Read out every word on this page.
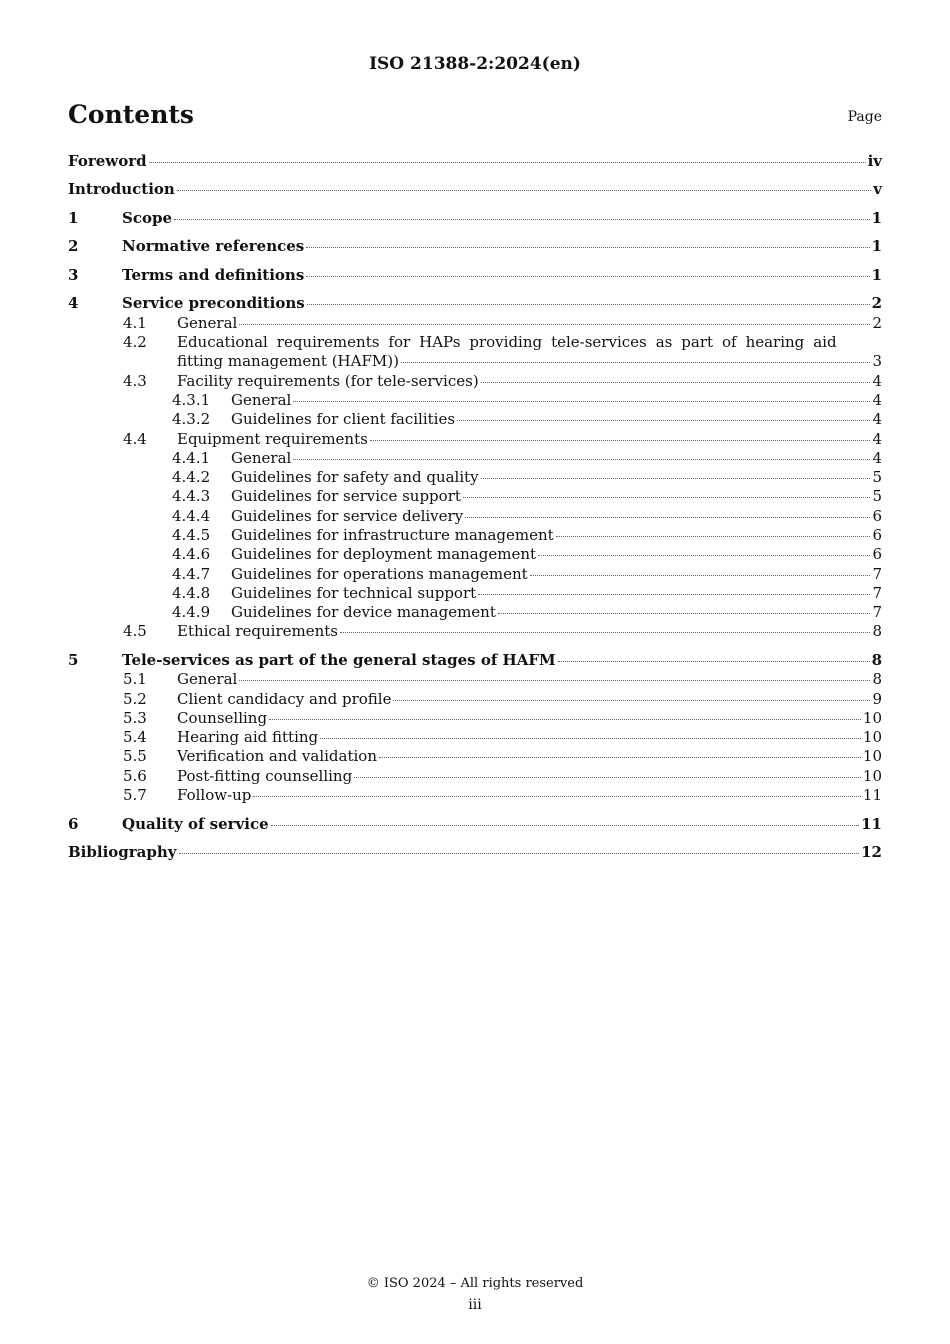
ISO 21388-2:2024(en)
Contents	Page
Foreword	iv
Introduction	v
1	Scope	1
2	Normative references	1
3	Terms and definitions	1
4	Service preconditions	2
4.1	General	2
4.2	Educational requirements for HAPs providing tele-services as part of hearing aid
fitting management (HAFM))	3
4.3	Facility requirements (for tele-services)	4
4.3.1	General	4
4.3.2	Guidelines for client facilities	4
4.4	Equipment requirements	4
4.4.1	General	4
4.4.2	Guidelines for safety and quality	5
4.4.3	Guidelines for service support	5
4.4.4	Guidelines for service delivery	6
4.4.5	Guidelines for infrastructure management	6
4.4.6	Guidelines for deployment management	6
4.4.7	Guidelines for operations management	7
4.4.8	Guidelines for technical support	7
4.4.9	Guidelines for device management	7
4.5	Ethical requirements	8
5	Tele-services as part of the general stages of HAFM	8
5.1	General	8
5.2	Client candidacy and profile	9
5.3	Counselling	10
5.4	Hearing aid fitting	10
5.5	Verification and validation	10
5.6	Post-fitting counselling	10
5.7	Follow-up	11
6	Quality of service	11
Bibliography	12
© ISO 2024 – All rights reserved
iii
